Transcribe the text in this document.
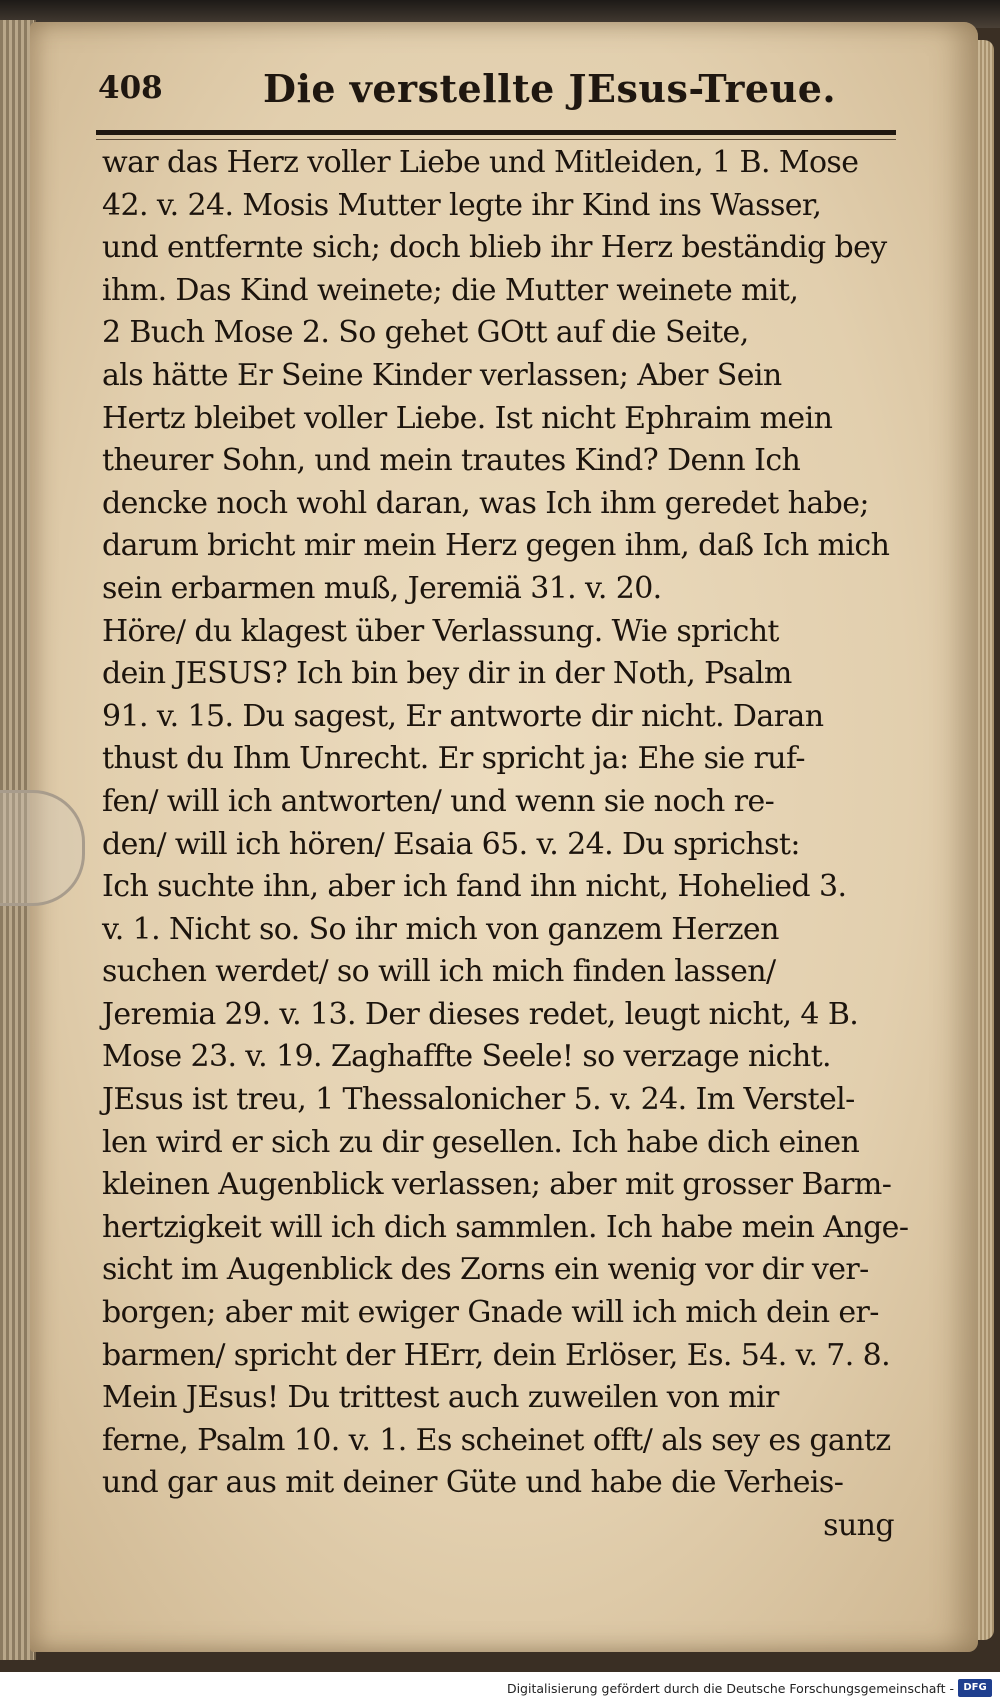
408	Die verstellte JEsus-Treue.
war das Herz voller Liebe und Mitleiden, 1 B. Mose
42. v. 24. Mosis Mutter legte ihr Kind ins Wasser,
und entfernte sich; doch blieb ihr Herz beständig bey
ihm. Das Kind weinete; die Mutter weinete mit,
2 Buch Mose 2. So gehet GOtt auf die Seite,
als hätte Er Seine Kinder verlassen; Aber Sein
Hertz bleibet voller Liebe. Ist nicht Ephraim mein
theurer Sohn, und mein trautes Kind? Denn Ich
dencke noch wohl daran, was Ich ihm geredet habe;
darum bricht mir mein Herz gegen ihm, daß Ich mich
sein erbarmen muß, Jeremiä 31. v. 20.
Höre/ du klagest über Verlassung. Wie spricht
dein JESUS? Ich bin bey dir in der Noth, Psalm
91. v. 15. Du sagest, Er antworte dir nicht. Daran
thust du Ihm Unrecht. Er spricht ja: Ehe sie ruf-
fen/ will ich antworten/ und wenn sie noch re-
den/ will ich hören/ Esaia 65. v. 24. Du sprichst:
Ich suchte ihn, aber ich fand ihn nicht, Hohelied 3.
v. 1. Nicht so. So ihr mich von ganzem Herzen
suchen werdet/ so will ich mich finden lassen/
Jeremia 29. v. 13. Der dieses redet, leugt nicht, 4 B.
Mose 23. v. 19. Zaghaffte Seele! so verzage nicht.
JEsus ist treu, 1 Thessalonicher 5. v. 24. Im Verstel-
len wird er sich zu dir gesellen. Ich habe dich einen
kleinen Augenblick verlassen; aber mit grosser Barm-
hertzigkeit will ich dich sammlen. Ich habe mein Ange-
sicht im Augenblick des Zorns ein wenig vor dir ver-
borgen; aber mit ewiger Gnade will ich mich dein er-
barmen/ spricht der HErr, dein Erlöser, Es. 54. v. 7. 8.
Mein JEsus! Du trittest auch zuweilen von mir
ferne, Psalm 10. v. 1. Es scheinet offt/ als sey es gantz
und gar aus mit deiner Güte und habe die Verheis-
sung
Digitalisierung gefördert durch die Deutsche Forschungsgemeinschaft - DFG
